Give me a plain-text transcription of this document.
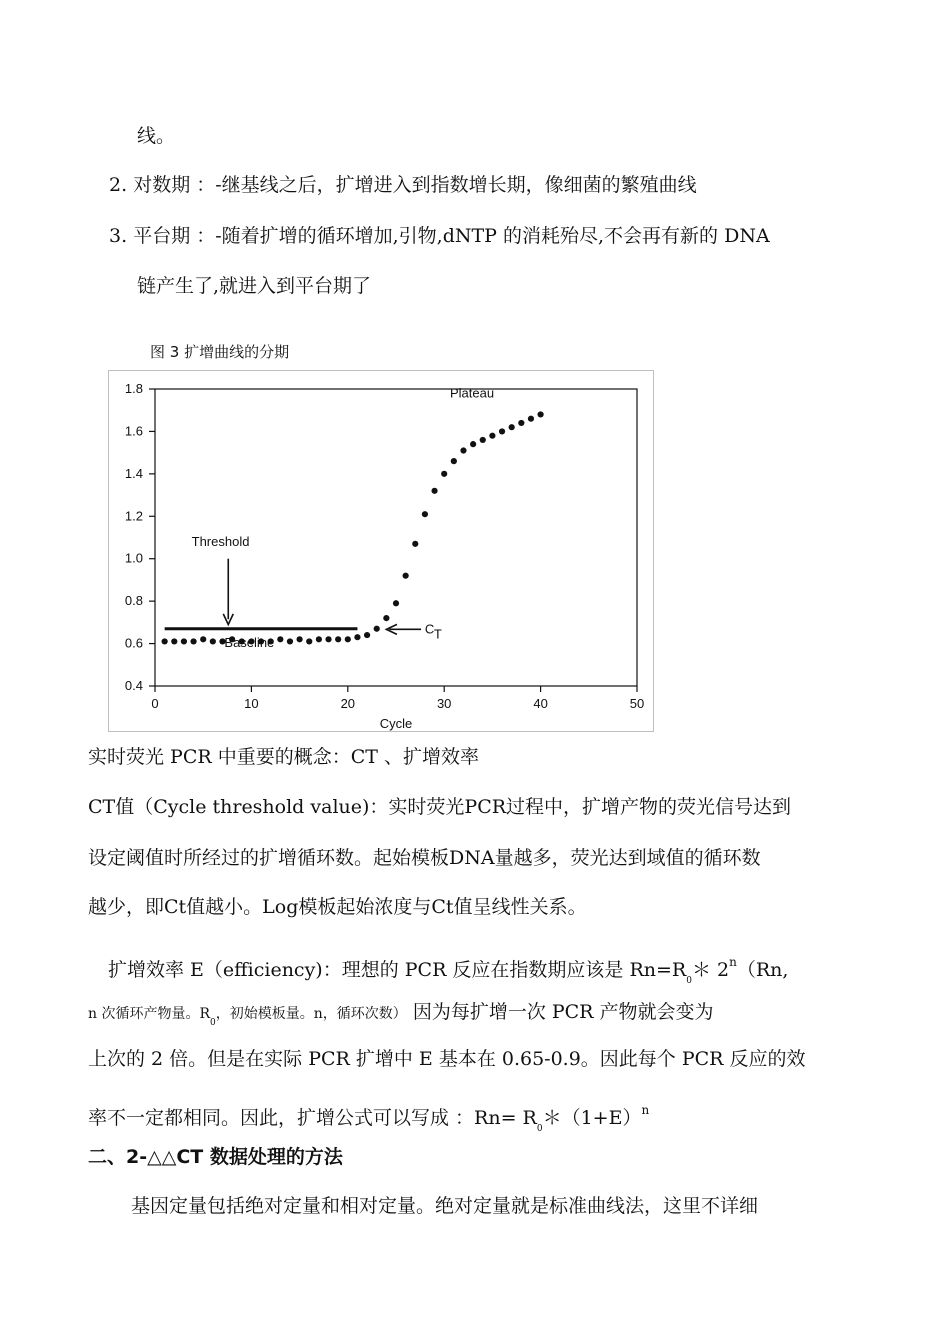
线。
2. 对数期 ：-继基线之后，扩增进入到指数增长期，像细菌的繁殖曲线
3. 平台期 ：-随着扩增的循环增加,引物,dNTP 的消耗殆尽,不会再有新的 DNA
链产生了,就进入到平台期了
图 3 扩增曲线的分期
0	10	20	30	40	50
0.4
0.6
0.8
1.0
1.2
1.4
1.6
1.8
Cycle
Threshold
Baseline
Plateau
C T
实时荧光 PCR 中重要的概念：CT 、扩增效率
CT值（Cycle threshold value)：实时荧光PCR过程中，扩增产物的荧光信号达到
设定阈值时所经过的扩增循环数。起始模板DNA量越多，荧光达到域值的循环数
越少，即Ct值越小。Log模板起始浓度与Ct值呈线性关系。
扩增效率 E（efficiency)：理想的 PCR 反应在指数期应该是 $Rn=R_0*$ 2$^n$（Rn,
n 次循环产物量。$R_0$，初始模板量。n，循环次数） 因为每扩增一次 PCR 产物就会变为
上次的 2 倍。但是在实际 PCR 扩增中 E 基本在 0.65-0.9。因此每个 PCR 反应的效
率不一定都相同。因此，扩增公式可以写成 ：$Rn= R_0*(1+E)^n$
二、2-△△CT 数据处理的方法
基因定量包括绝对定量和相对定量。绝对定量就是标准曲线法，这里不详细
